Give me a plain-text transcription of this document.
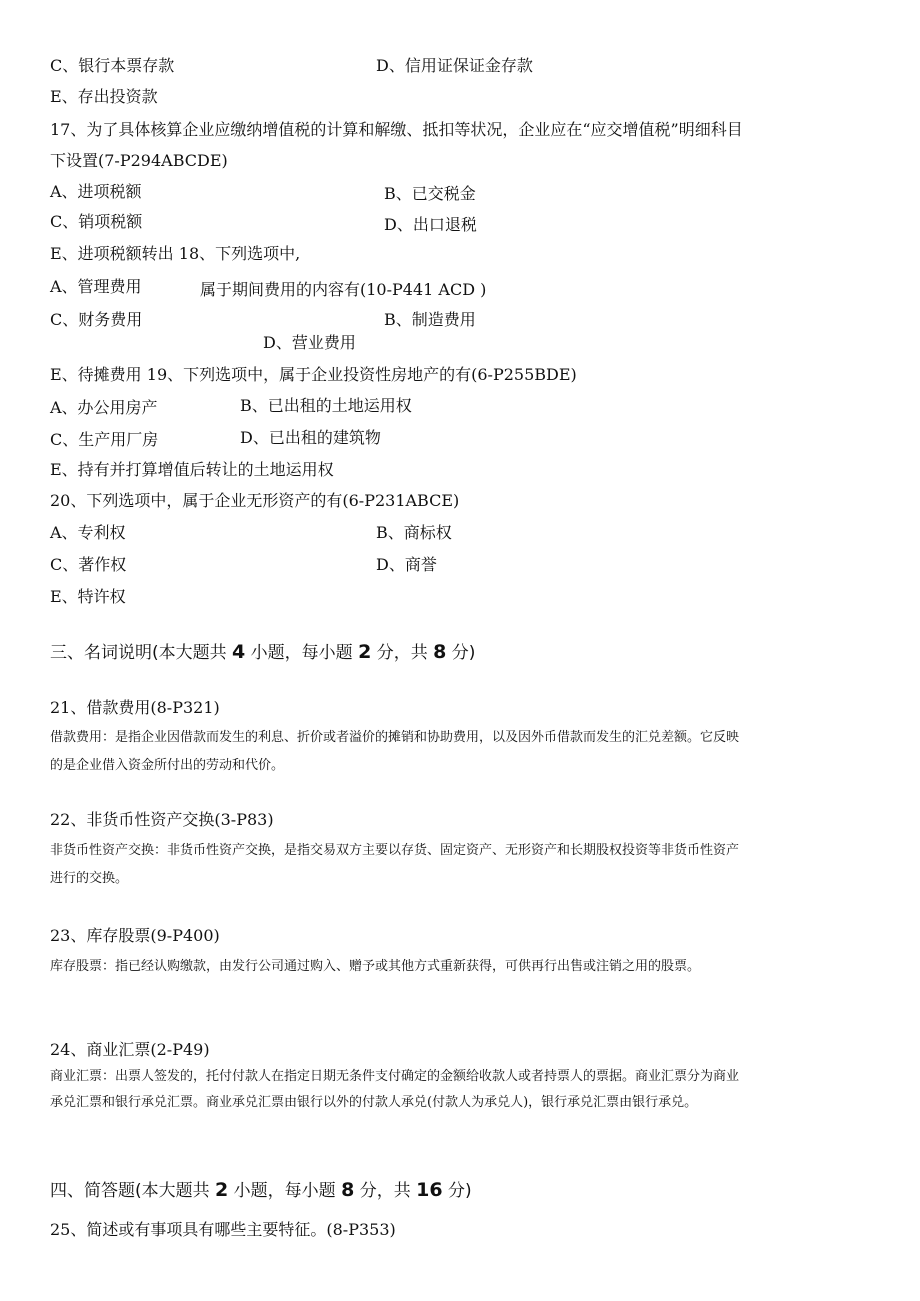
C、银行本票存款	D、信用证保证金存款
E、存出投资款
17、为了具体核算企业应缴纳增值税的计算和解缴、抵扣等状况，企业应在“应交增值税”明细科目
下设置(7-P294ABCDE)
A、进项税额	B、已交税金
C、销项税额	D、出口退税
E、进项税额转出 18、下列选项中,
A、管理费用	属于期间费用的内容有(10-P441 ACD )
C、财务费用	B、制造费用
D、营业费用
E、待摊费用 19、下列选项中，属于企业投资性房地产的有(6-P255BDE)
A、办公用房产	B、已出租的土地运用权
C、生产用厂房	D、已出租的建筑物
E、持有并打算增值后转让的土地运用权
20、下列选项中，属于企业无形资产的有(6-P231ABCE)
A、专利权	B、商标权
C、著作权	D、商誉
E、特许权
三、名词说明(本大题共 4 小题，每小题 2 分，共 8 分)
21、借款费用(8-P321)
借款费用：是指企业因借款而发生的利息、折价或者溢价的摊销和协助费用，以及因外币借款而发生的汇兑差额。它反映
的是企业借入资金所付出的劳动和代价。
22、非货币性资产交换(3-P83)
非货币性资产交换：非货币性资产交换，是指交易双方主要以存货、固定资产、无形资产和长期股权投资等非货币性资产
进行的交换。
23、库存股票(9-P400)
库存股票：指已经认购缴款，由发行公司通过购入、赠予或其他方式重新获得，可供再行出售或注销之用的股票。
24、商业汇票(2-P49)
商业汇票：出票人签发的，托付付款人在指定日期无条件支付确定的金额给收款人或者持票人的票据。商业汇票分为商业
承兑汇票和银行承兑汇票。商业承兑汇票由银行以外的付款人承兑(付款人为承兑人)，银行承兑汇票由银行承兑。
四、简答题(本大题共 2 小题，每小题 8 分，共 16 分)
25、简述或有事项具有哪些主要特征。(8-P353)
